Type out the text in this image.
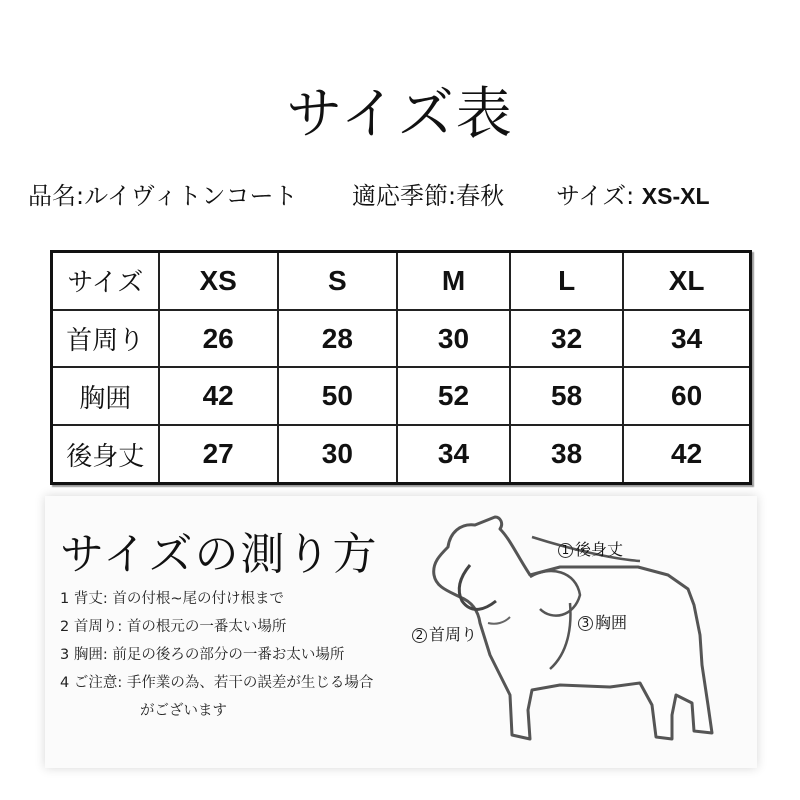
サイズ表
品名:ルイヴィトンコート 適応季節:春秋 サイズ: XS-XL
サイズ	XS	S	M	L	XL
首周り	26	28	30	32	34
胸囲	42	50	52	58	60
後身丈	27	30	34	38	42
サイズの測り方
1 背丈: 首の付根~尾の付け根まで
2 首周り: 首の根元の一番太い場所
3 胸囲: 前足の後ろの部分の一番お太い場所
4 ご注意: 手作業の為、若干の誤差が生じる場合
がございます
1 後身丈
2 首周り
3 胸囲
